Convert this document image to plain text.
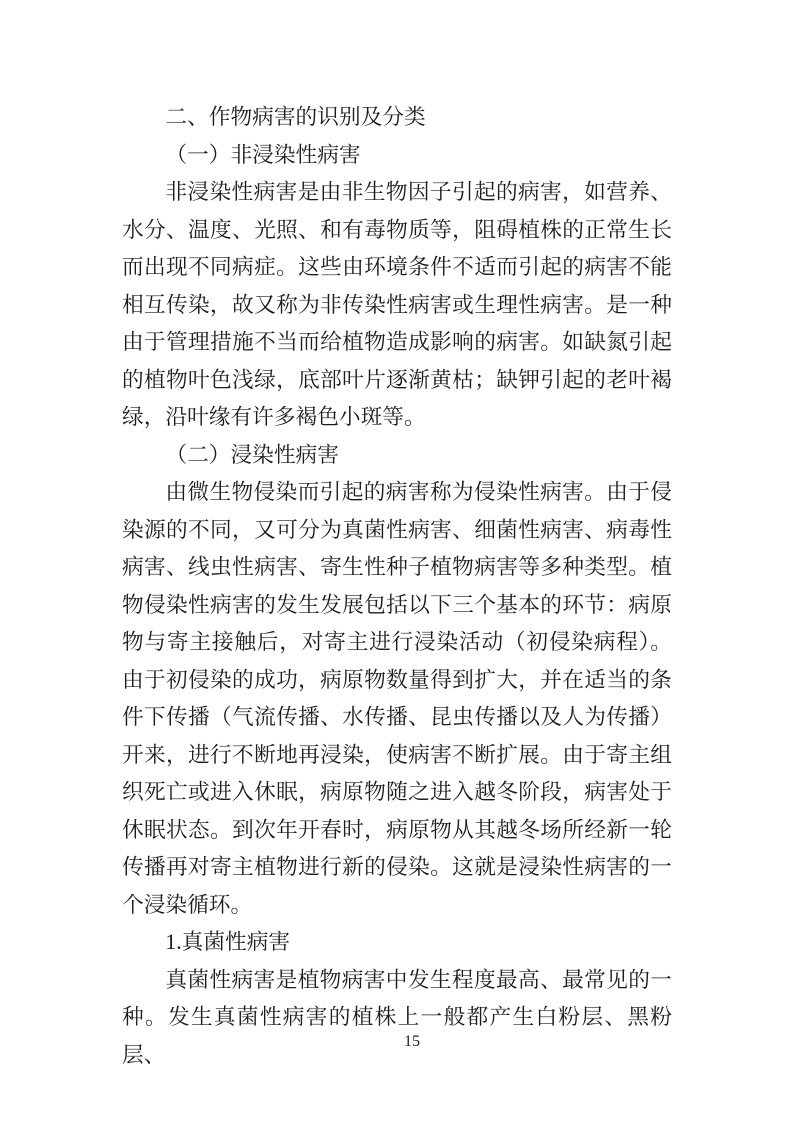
二、作物病害的识别及分类

（一）非浸染性病害

非浸染性病害是由非生物因子引起的病害，如营养、水分、温度、光照、和有毒物质等，阻碍植株的正常生长而出现不同病症。这些由环境条件不适而引起的病害不能相互传染，故又称为非传染性病害或生理性病害。是一种由于管理措施不当而给植物造成影响的病害。如缺氮引起的植物叶色浅绿，底部叶片逐渐黄枯；缺钾引起的老叶褐绿，沿叶缘有许多褐色小斑等。

（二）浸染性病害

由微生物侵染而引起的病害称为侵染性病害。由于侵染源的不同，又可分为真菌性病害、细菌性病害、病毒性病害、线虫性病害、寄生性种子植物病害等多种类型。植物侵染性病害的发生发展包括以下三个基本的环节：病原物与寄主接触后，对寄主进行浸染活动（初侵染病程）。由于初侵染的成功，病原物数量得到扩大，并在适当的条件下传播（气流传播、水传播、昆虫传播以及人为传播）开来，进行不断地再浸染，使病害不断扩展。由于寄主组织死亡或进入休眠，病原物随之进入越冬阶段，病害处于休眠状态。到次年开春时，病原物从其越冬场所经新一轮传播再对寄主植物进行新的侵染。这就是浸染性病害的一个浸染循环。

1.真菌性病害

真菌性病害是植物病害中发生程度最高、最常见的一种。发生真菌性病害的植株上一般都产生白粉层、黑粉层、

15
